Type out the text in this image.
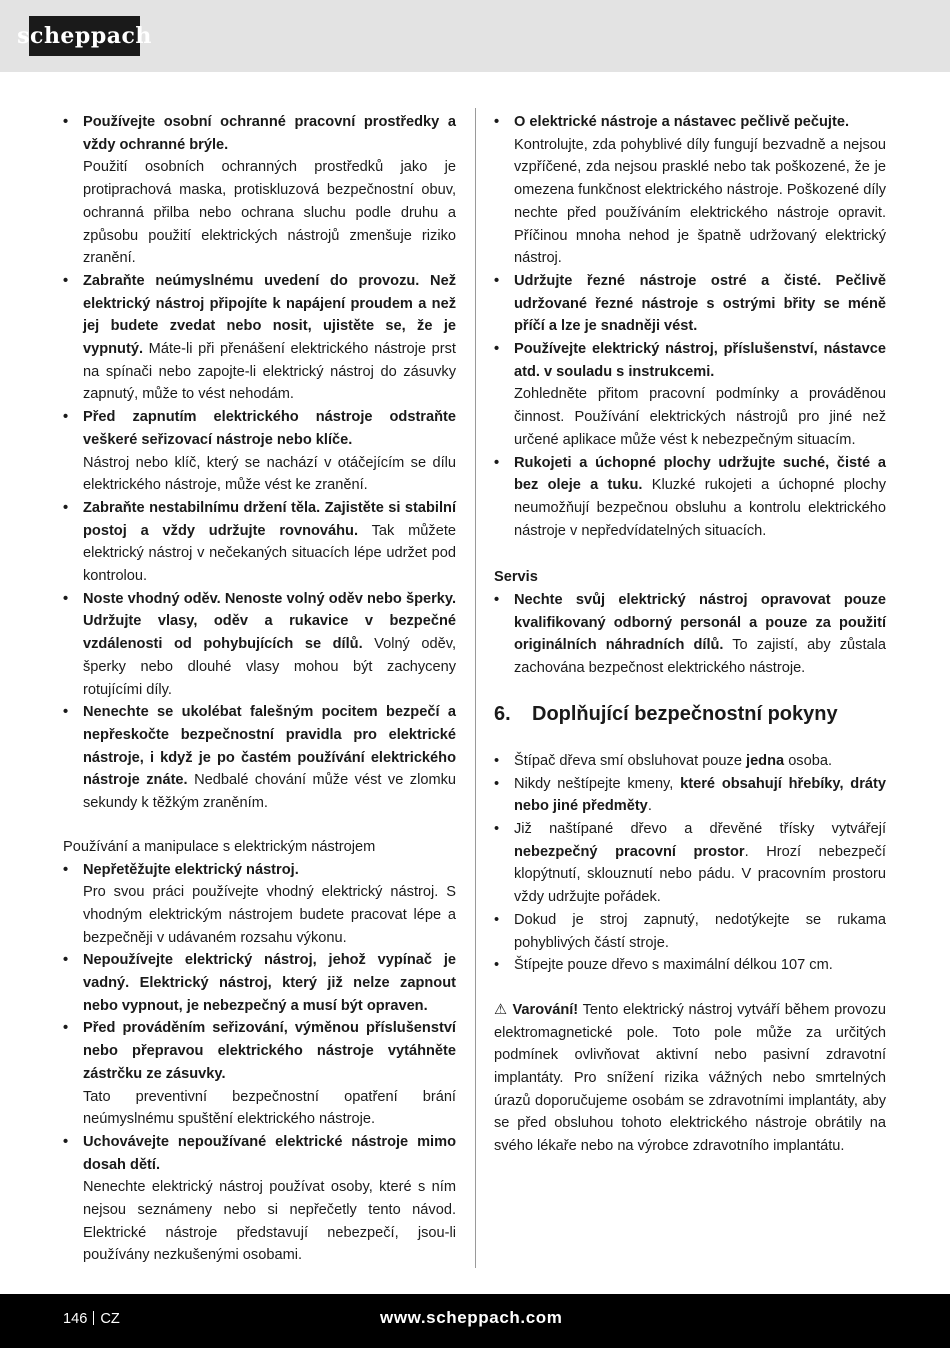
scheppach
• Používejte osobní ochranné pracovní prostředky a vždy ochranné brýle.
Použití osobních ochranných prostředků jako je protiprachová maska, protiskluzová bezpečnostní obuv, ochranná přilba nebo ochrana sluchu podle druhu a způsobu použití elektrických nástrojů zmenšuje riziko zranění.
• Zabraňte neúmyslnému uvedení do provozu. Než elektrický nástroj připojíte k napájení proudem a než jej budete zvedat nebo nosit, ujistěte se, že je vypnutý. Máte-li při přenášení elektrického nástroje prst na spínači nebo zapojte-li elektrický nástroj do zásuvky zapnutý, může to vést nehodám.
• Před zapnutím elektrického nástroje odstraňte veškeré seřizovací nástroje nebo klíče.
Nástroj nebo klíč, který se nachází v otáčejícím se dílu elektrického nástroje, může vést ke zranění.
• Zabraňte nestabilnímu držení těla. Zajistěte si stabilní postoj a vždy udržujte rovnováhu. Tak můžete elektrický nástroj v nečekaných situacích lépe udržet pod kontrolou.
• Noste vhodný oděv. Nenoste volný oděv nebo šperky. Udržujte vlasy, oděv a rukavice v bezpečné vzdálenosti od pohybujících se dílů. Volný oděv, šperky nebo dlouhé vlasy mohou být zachyceny rotujícími díly.
• Nenechte se ukolébat falešným pocitem bezpečí a nepřeskočte bezpečnostní pravidla pro elektrické nástroje, i když je po častém používání elektrického nástroje znáte. Nedbalé chování může vést ve zlomku sekundy k těžkým zraněním.
Používání a manipulace s elektrickým nástrojem
• Nepřetěžujte elektrický nástroj.
Pro svou práci používejte vhodný elektrický nástroj. S vhodným elektrickým nástrojem budete pracovat lépe a bezpečněji v udávaném rozsahu výkonu.
• Nepoužívejte elektrický nástroj, jehož vypínač je vadný. Elektrický nástroj, který již nelze zapnout nebo vypnout, je nebezpečný a musí být opraven.
• Před prováděním seřizování, výměnou příslušenství nebo přepravou elektrického nástroje vytáhněte zástrčku ze zásuvky.
Tato preventivní bezpečnostní opatření brání neúmyslnému spuštění elektrického nástroje.
• Uchovávejte nepoužívané elektrické nástroje mimo dosah dětí.
Nenechte elektrický nástroj používat osoby, které s ním nejsou seznámeny nebo si nepřečetly tento návod. Elektrické nástroje představují nebezpečí, jsou-li používány nezkušenými osobami.
• O elektrické nástroje a nástavec pečlivě pečujte.
Kontrolujte, zda pohyblivé díly fungují bezvadně a nejsou vzpříčené, zda nejsou prasklé nebo tak poškozené, že je omezena funkčnost elektrického nástroje. Poškozené díly nechte před používáním elektrického nástroje opravit. Příčinou mnoha nehod je špatně udržovaný elektrický nástroj.
• Udržujte řezné nástroje ostré a čisté. Pečlivě udržované řezné nástroje s ostrými břity se méně příčí a lze je snadněji vést.
• Používejte elektrický nástroj, příslušenství, nástavce atd. v souladu s instrukcemi.
Zohledněte přitom pracovní podmínky a prováděnou činnost. Používání elektrických nástrojů pro jiné než určené aplikace může vést k nebezpečným situacím.
• Rukojeti a úchopné plochy udržujte suché, čisté a bez oleje a tuku. Kluzké rukojeti a úchopné plochy neumožňují bezpečnou obsluhu a kontrolu elektrického nástroje v nepředvídatelných situacích.
Servis
• Nechte svůj elektrický nástroj opravovat pouze kvalifikovaný odborný personál a pouze za použití originálních náhradních dílů. To zajistí, aby zůstala zachována bezpečnost elektrického nástroje.
6. Doplňující bezpečnostní pokyny
• Štípač dřeva smí obsluhovat pouze jedna osoba.
• Nikdy neštípejte kmeny, které obsahují hřebíky, dráty nebo jiné předměty.
• Již naštípané dřevo a dřevěné třísky vytvářejí nebezpečný pracovní prostor. Hrozí nebezpečí klopýtnutí, sklouznutí nebo pádu. V pracovním prostoru vždy udržujte pořádek.
• Dokud je stroj zapnutý, nedotýkejte se rukama pohyblivých částí stroje.
• Štípejte pouze dřevo s maximální délkou 107 cm.
⚠ Varování! Tento elektrický nástroj vytváří během provozu elektromagnetické pole. Toto pole může za určitých podmínek ovlivňovat aktivní nebo pasivní zdravotní implantáty. Pro snížení rizika vážných nebo smrtelných úrazů doporučujeme osobám se zdravotními implantáty, aby se před obsluhou tohoto elektrického nástroje obrátily na svého lékaře nebo na výrobce zdravotního implantátu.
146 CZ	www.scheppach.com
